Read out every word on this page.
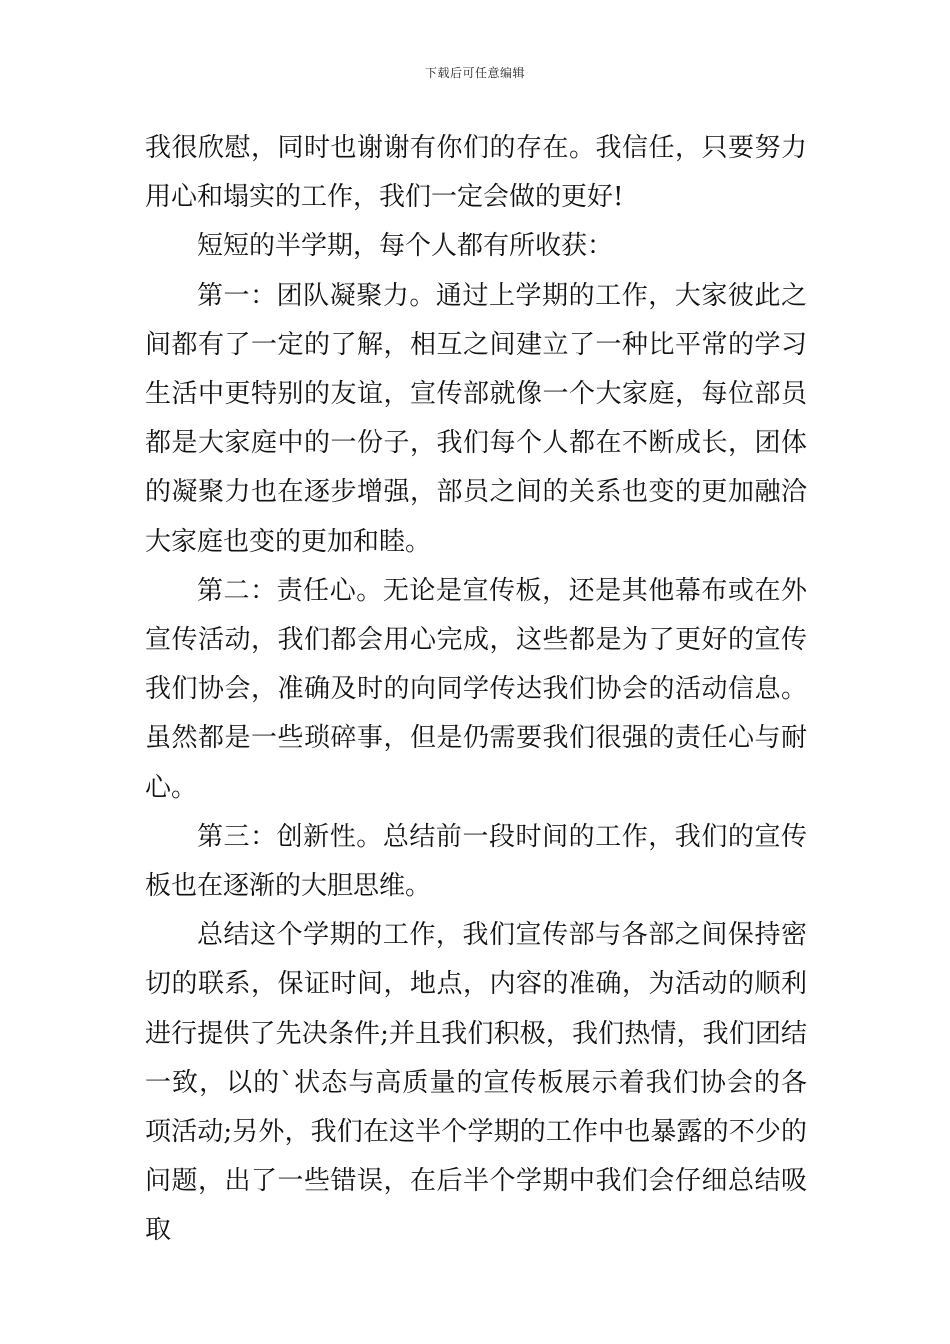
下载后可任意编辑

我很欣慰，同时也谢谢有你们的存在。我信任，只要努力用心和塌实的工作，我们一定会做的更好!

短短的半学期，每个人都有所收获：

第一：团队凝聚力。通过上学期的工作，大家彼此之间都有了一定的了解，相互之间建立了一种比平常的学习生活中更特别的友谊，宣传部就像一个大家庭，每位部员都是大家庭中的一份子，我们每个人都在不断成长，团体的凝聚力也在逐步增强，部员之间的关系也变的更加融洽大家庭也变的更加和睦。

第二：责任心。无论是宣传板，还是其他幕布或在外宣传活动，我们都会用心完成，这些都是为了更好的宣传我们协会，准确及时的向同学传达我们协会的活动信息。虽然都是一些琐碎事，但是仍需要我们很强的责任心与耐心。

第三：创新性。总结前一段时间的工作，我们的宣传板也在逐渐的大胆思维。

总结这个学期的工作，我们宣传部与各部之间保持密切的联系，保证时间，地点，内容的准确，为活动的顺利进行提供了先决条件;并且我们积极，我们热情，我们团结一致，以的`状态与高质量的宣传板展示着我们协会的各项活动;另外，我们在这半个学期的工作中也暴露的不少的问题，出了一些错误，在后半个学期中我们会仔细总结吸取
